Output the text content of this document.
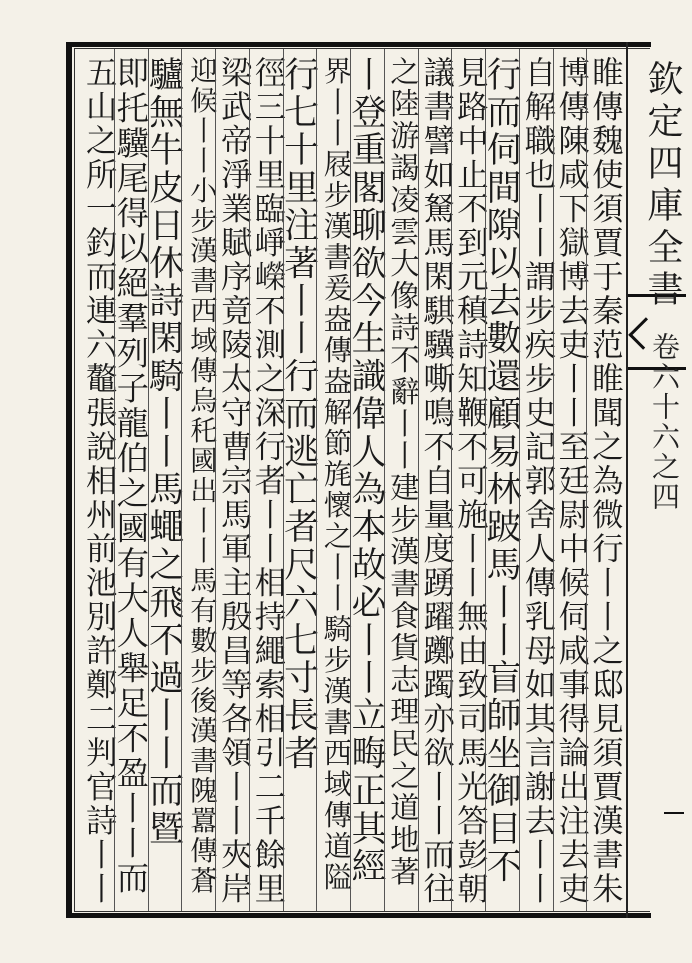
欽定四庫全書
卷六十六之四
睢傳魏使須賈于秦范睢聞之為微行丨丨之邸見須賈漢書朱
博傳陳咸下獄博去吏丨丨至廷尉中候伺咸事得論出注去吏
自解職也丨丨謂步疾步史記郭舍人傳乳母如其言謝去丨丨
行而伺間隙以去數還顧易林跛馬丨丨盲師坐御目不
見路中止不到元稹詩知鞭不可施丨丨無由致司馬光答彭朝
議書譬如駑馬閑騏驥嘶鳴不自量度踴躍躑躅亦欲丨丨而往
之陸游謁凌雲大像詩不辭丨丨建步漢書食貨志理民之道地著
丨登重閣聊欲今生識偉人為本故必丨丨立畮正其經
界丨丨屐步漢書爰盎傳盎解節旄懷之丨丨騎步漢書西域傳道隘
行七十里注著丨丨行而逃亡者尺六七寸長者
徑三十里臨崢嶸不測之深行者丨丨相持繩索相引二千餘里
梁武帝淨業賦序竟陵太守曹宗馬軍主殷昌等各領丨丨夾岸
迎候丨丨小步漢書西域傳烏秅國出丨丨馬有數步後漢書隗囂傳蒼
驢無牛皮日休詩閑騎丨丨馬蠅之飛不過丨丨而暨
即托驥尾得以絕羣列子龍伯之國有大人舉足不盈丨丨而
五山之所一釣而連六鼇張說相州前池別許鄭二判官詩丨丨
